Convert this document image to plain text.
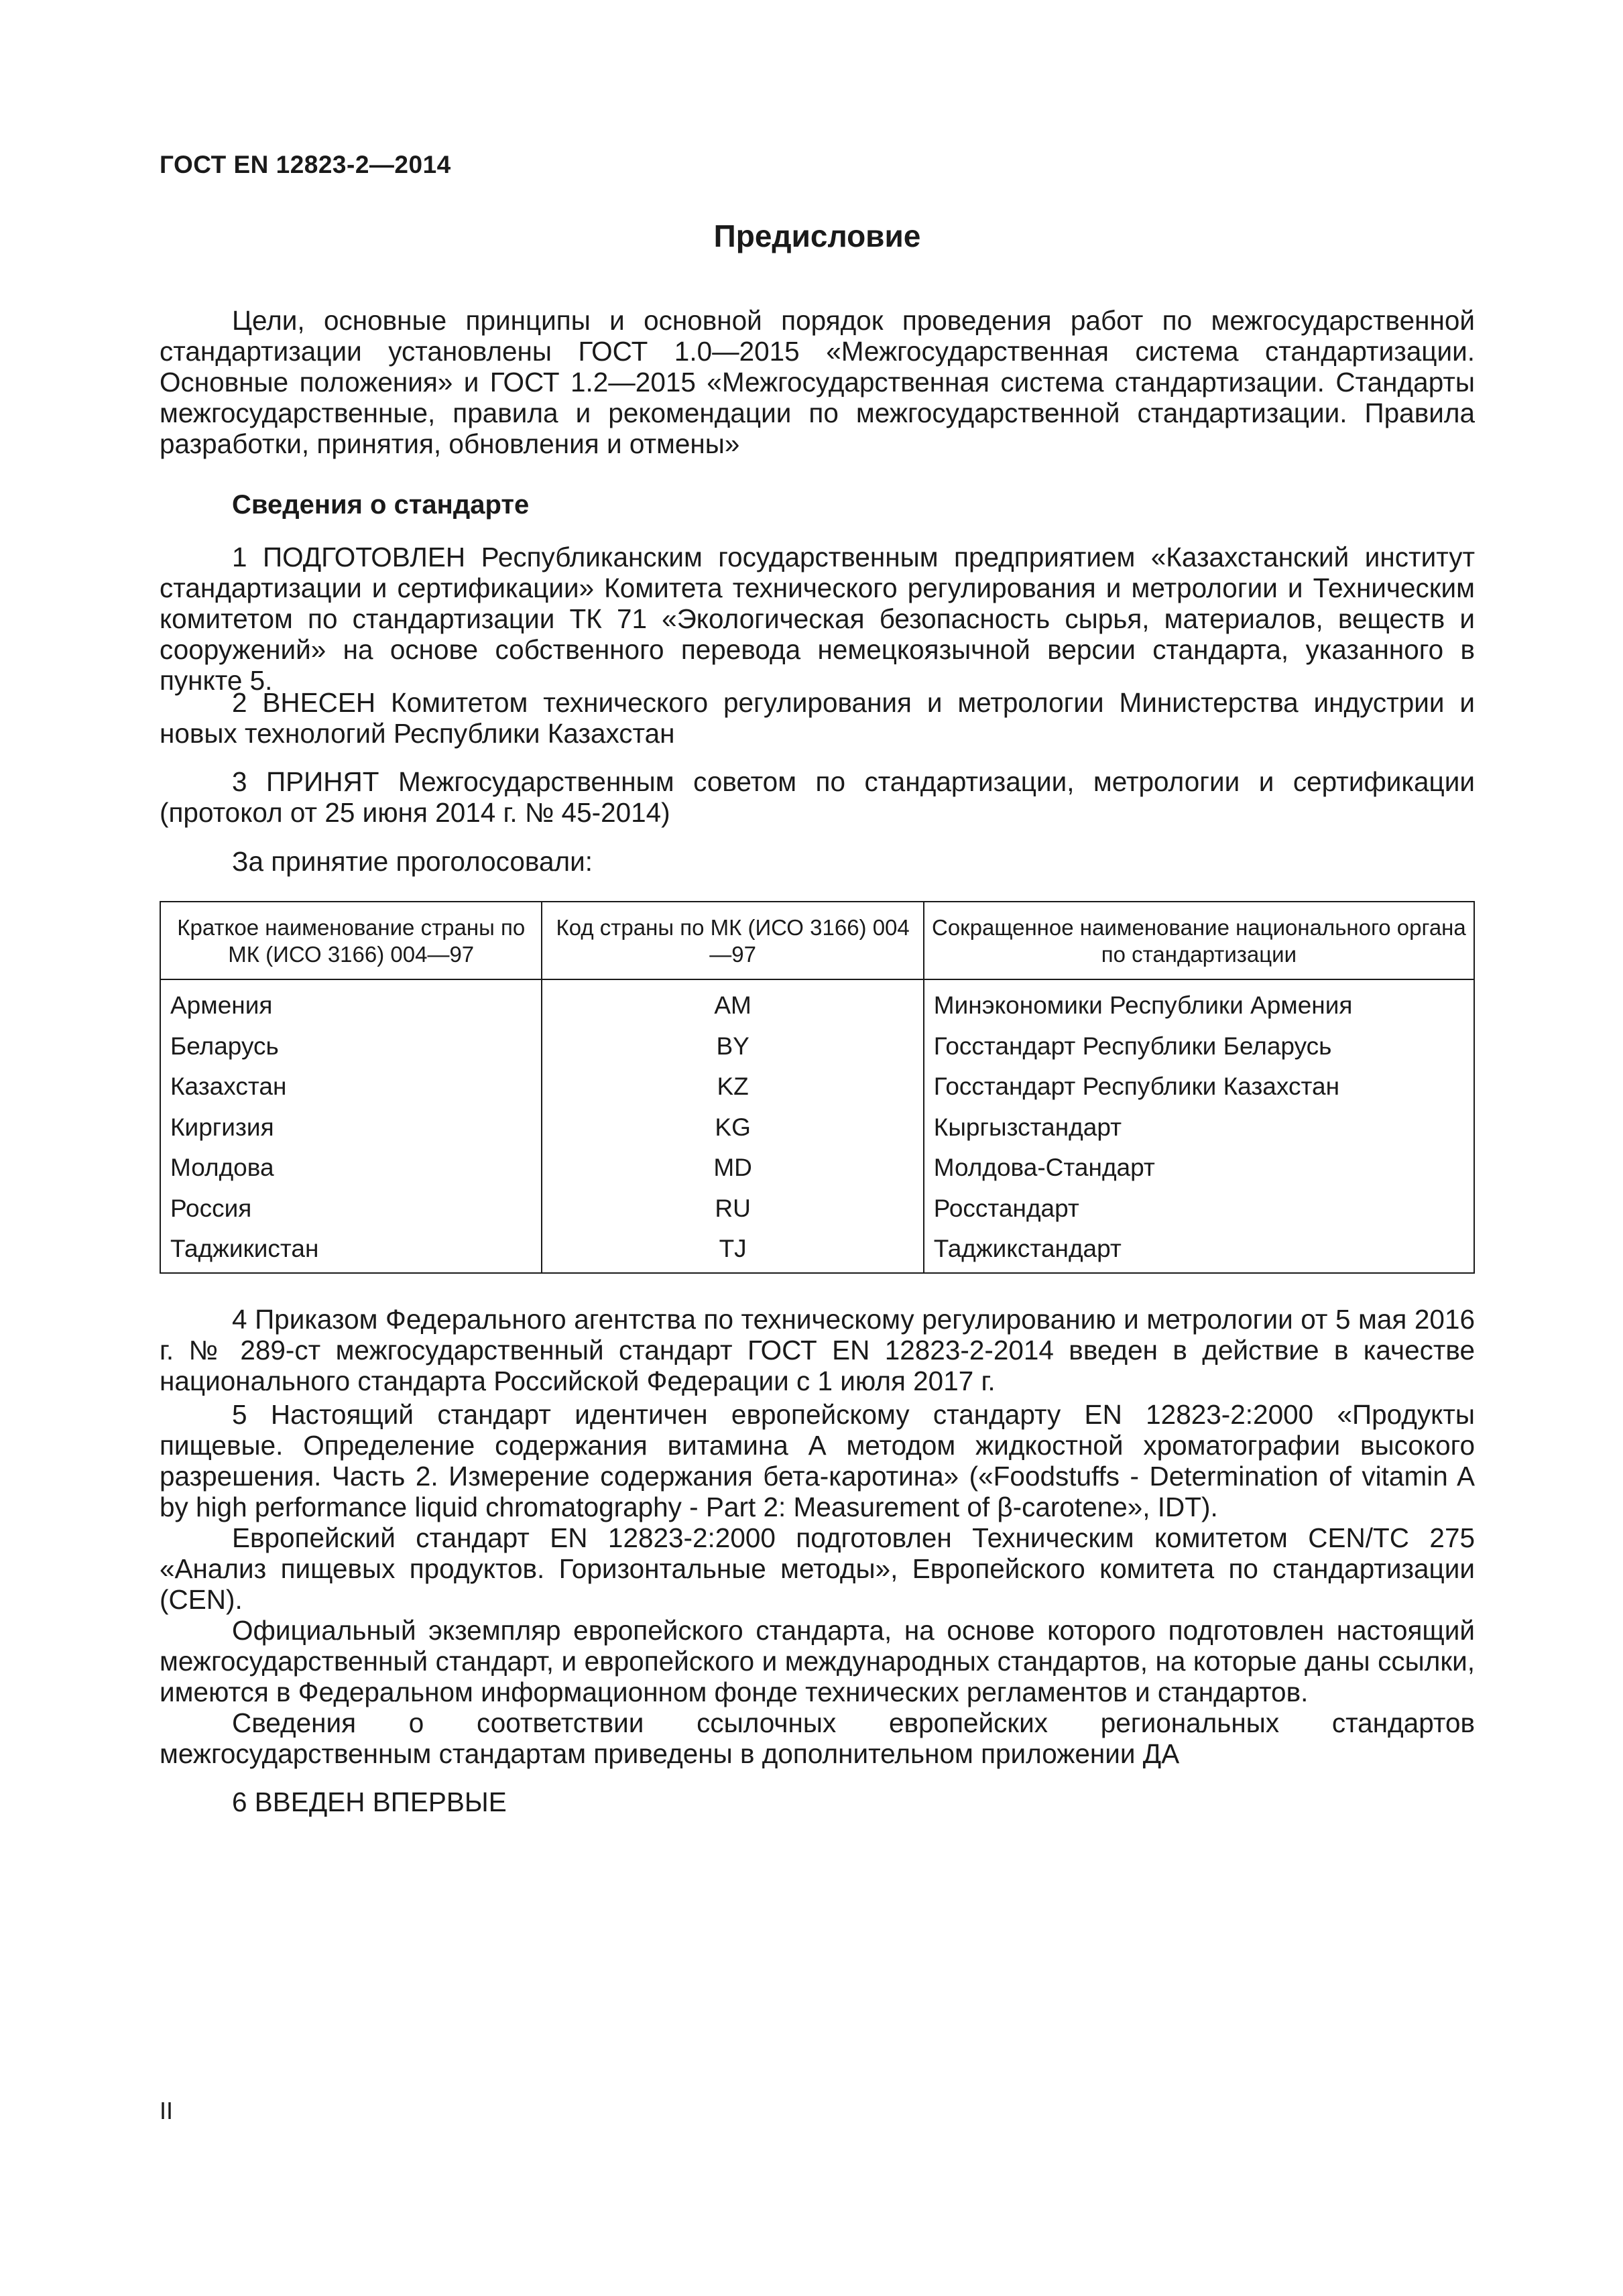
ГОСТ EN 12823-2—2014
Предисловие

Цели, основные принципы и основной порядок проведения работ по межгосударственной стандартизации установлены ГОСТ 1.0—2015 «Межгосударственная система стандартизации. Основные положения» и ГОСТ 1.2—2015 «Межгосударственная система стандартизации. Стандарты межгосударственные, правила и рекомендации по межгосударственной стандартизации. Правила разработки, принятия, обновления и отмены»

Сведения о стандарте

1 ПОДГОТОВЛЕН Республиканским государственным предприятием «Казахстанский институт стандартизации и сертификации» Комитета технического регулирования и метрологии и Техническим комитетом по стандартизации ТК 71 «Экологическая безопасность сырья, материалов, веществ и сооружений» на основе собственного перевода немецкоязычной версии стандарта, указанного в пункте 5.

2 ВНЕСЕН Комитетом технического регулирования и метрологии Министерства индустрии и новых технологий Республики Казахстан

3 ПРИНЯТ Межгосударственным советом по стандартизации, метрологии и сертификации (протокол от 25 июня 2014 г. № 45-2014)

За принятие проголосовали:

Краткое наименование страны по МК (ИСО 3166) 004—97	Код страны по МК (ИСО 3166) 004—97	Сокращенное наименование национального органа по стандартизации
Армения	AM	Минэкономики Республики Армения
Беларусь	BY	Госстандарт Республики Беларусь
Казахстан	KZ	Госстандарт Республики Казахстан
Киргизия	KG	Кыргызстандарт
Молдова	MD	Молдова-Стандарт
Россия	RU	Росстандарт
Таджикистан	TJ	Таджикстандарт

4 Приказом Федерального агентства по техническому регулированию и метрологии от 5 мая 2016 г. № 289-ст межгосударственный стандарт ГОСТ EN 12823-2-2014 введен в действие в качестве национального стандарта Российской Федерации с 1 июля 2017 г.

5 Настоящий стандарт идентичен европейскому стандарту EN 12823-2:2000 «Продукты пищевые. Определение содержания витамина А методом жидкостной хроматографии высокого разрешения. Часть 2. Измерение содержания бета-каротина» («Foodstuffs - Determination of vitamin A by high performance liquid chromatography - Part 2: Measurement of β-carotene», IDT).

Европейский стандарт EN 12823-2:2000 подготовлен Техническим комитетом CEN/TC 275 «Анализ пищевых продуктов. Горизонтальные методы», Европейского комитета по стандартизации (CEN).

Официальный экземпляр европейского стандарта, на основе которого подготовлен настоящий межгосударственный стандарт, и европейского и международных стандартов, на которые даны ссылки, имеются в Федеральном информационном фонде технических регламентов и стандартов.

Сведения о соответствии ссылочных европейских региональных стандартов межгосударственным стандартам приведены в дополнительном приложении ДА

6 ВВЕДЕН ВПЕРВЫЕ

II
